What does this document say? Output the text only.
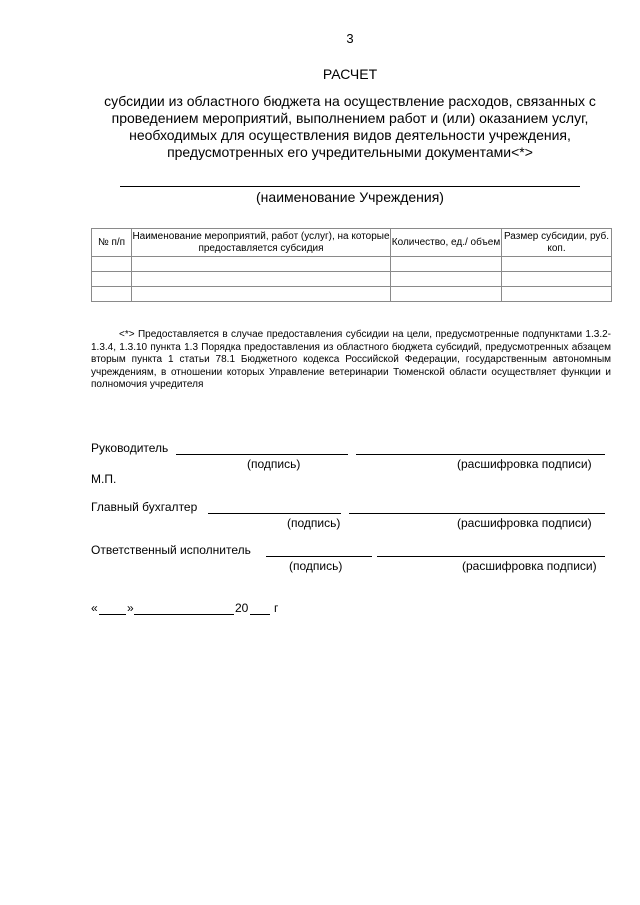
3
РАСЧЕТ
субсидии из областного бюджета на осуществление расходов, связанных с проведением мероприятий, выполнением работ и (или) оказанием услуг, необходимых для осуществления видов деятельности учреждения, предусмотренных его учредительными документами<*>
(наименование Учреждения)
№ п/п	Наименование мероприятий, работ (услуг), на которые предоставляется субсидия	Количество, ед./ объем	Размер субсидии, руб. коп.

<*> Предоставляется в случае предоставления субсидии на цели, предусмотренные подпунктами 1.3.2-1.3.4, 1.3.10 пункта 1.3 Порядка предоставления из областного бюджета субсидий, предусмотренных абзацем вторым пункта 1 статьи 78.1 Бюджетного кодекса Российской Федерации, государственным автономным учреждениям, в отношении которых Управление ветеринарии Тюменской области осуществляет функции и полномочия учредителя

Руководитель
(подпись)	(расшифровка подписи)
М.П.
Главный бухгалтер
(подпись)	(расшифровка подписи)
Ответственный исполнитель
(подпись)	(расшифровка подписи)
« »	20 г
